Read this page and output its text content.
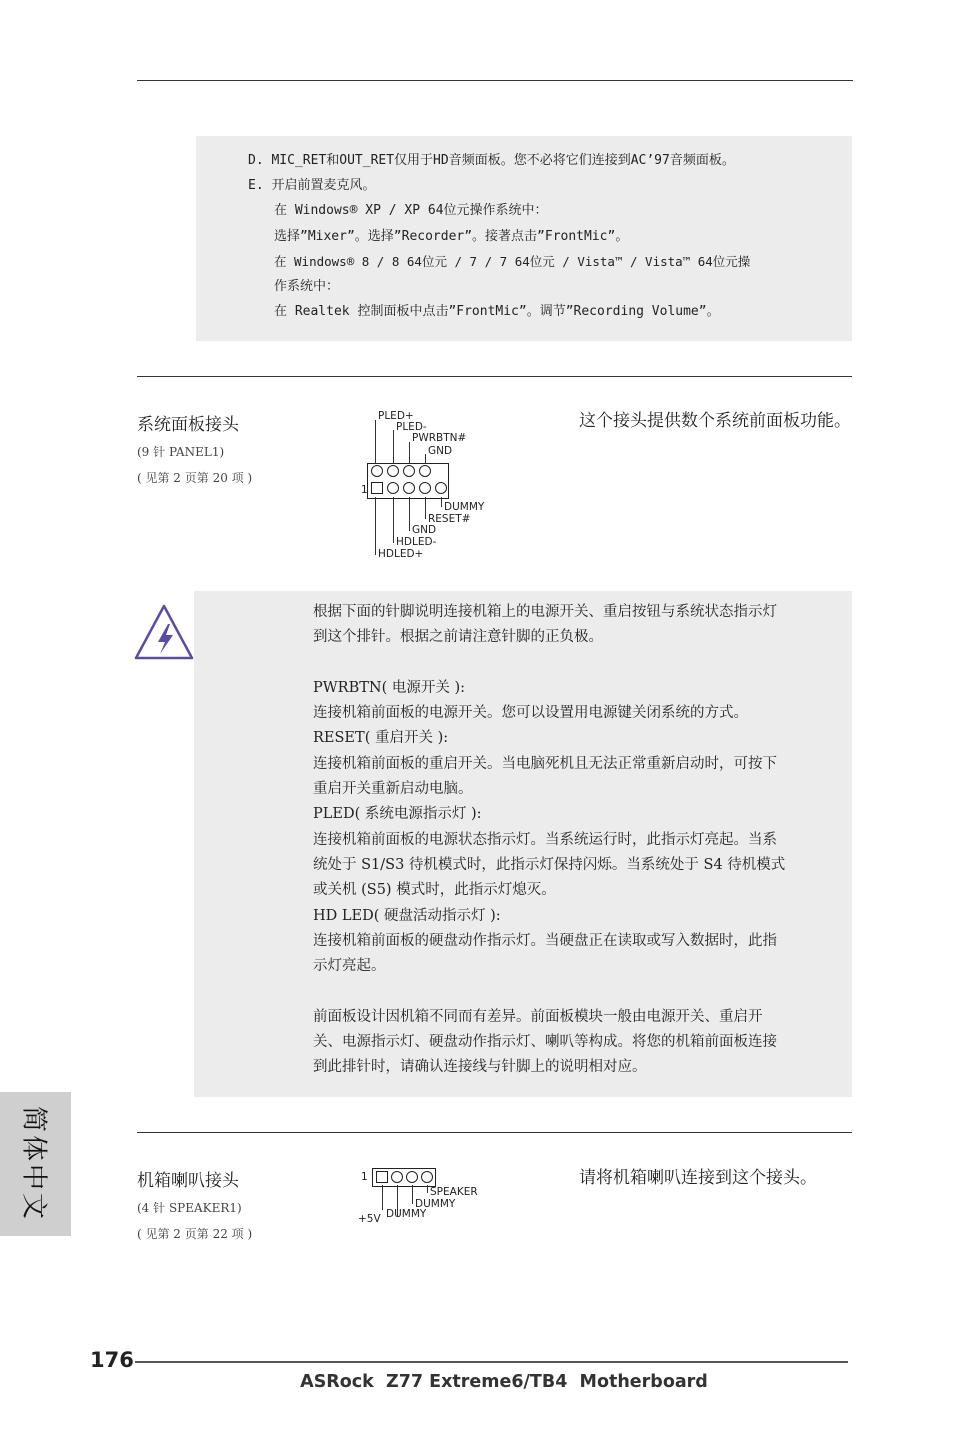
D. MIC_RET和OUT_RET仅用于HD音频面板。您不必将它们连接到AC’97音频面板。
E. 开启前置麦克风。
在 Windows® XP / XP 64位元操作系统中：
选择”Mixer”。选择”Recorder”。接著点击”FrontMic”。
在 Windows® 8 / 8 64位元 / 7 / 7 64位元 / Vista™ / Vista™ 64位元操
作系统中：
在 Realtek 控制面板中点击”FrontMic”。调节”Recording Volume”。
系统面板接头
(9 针 PANEL1)
( 见第 2 页第 20 项 )
这个接头提供数个系统前面板功能。
PLED+
PLED-
PWRBTN#
GND
1
DUMMY
RESET#
GND
HDLED-
HDLED+
根据下面的针脚说明连接机箱上的电源开关、重启按钮与系统状态指示灯
到这个排针。根据之前请注意针脚的正负极。
PWRBTN( 电源开关 ):
连接机箱前面板的电源开关。您可以设置用电源键关闭系统的方式。
RESET( 重启开关 ):
连接机箱前面板的重启开关。当电脑死机且无法正常重新启动时，可按下
重启开关重新启动电脑。
PLED( 系统电源指示灯 ):
连接机箱前面板的电源状态指示灯。当系统运行时，此指示灯亮起。当系
统处于 S1/S3 待机模式时，此指示灯保持闪烁。当系统处于 S4 待机模式
或关机 (S5) 模式时，此指示灯熄灭。
HD LED( 硬盘活动指示灯 ):
连接机箱前面板的硬盘动作指示灯。当硬盘正在读取或写入数据时，此指
示灯亮起。
前面板设计因机箱不同而有差异。前面板模块一般由电源开关、重启开
关、电源指示灯、硬盘动作指示灯、喇叭等构成。将您的机箱前面板连接
到此排针时，请确认连接线与针脚上的说明相对应。
机箱喇叭接头
(4 针 SPEAKER1)
( 见第 2 页第 22 项 )
请将机箱喇叭连接到这个接头。
1
SPEAKER
DUMMY
+5V DUMMY
简体中文
176
ASRock  Z77 Extreme6/TB4  Motherboard
